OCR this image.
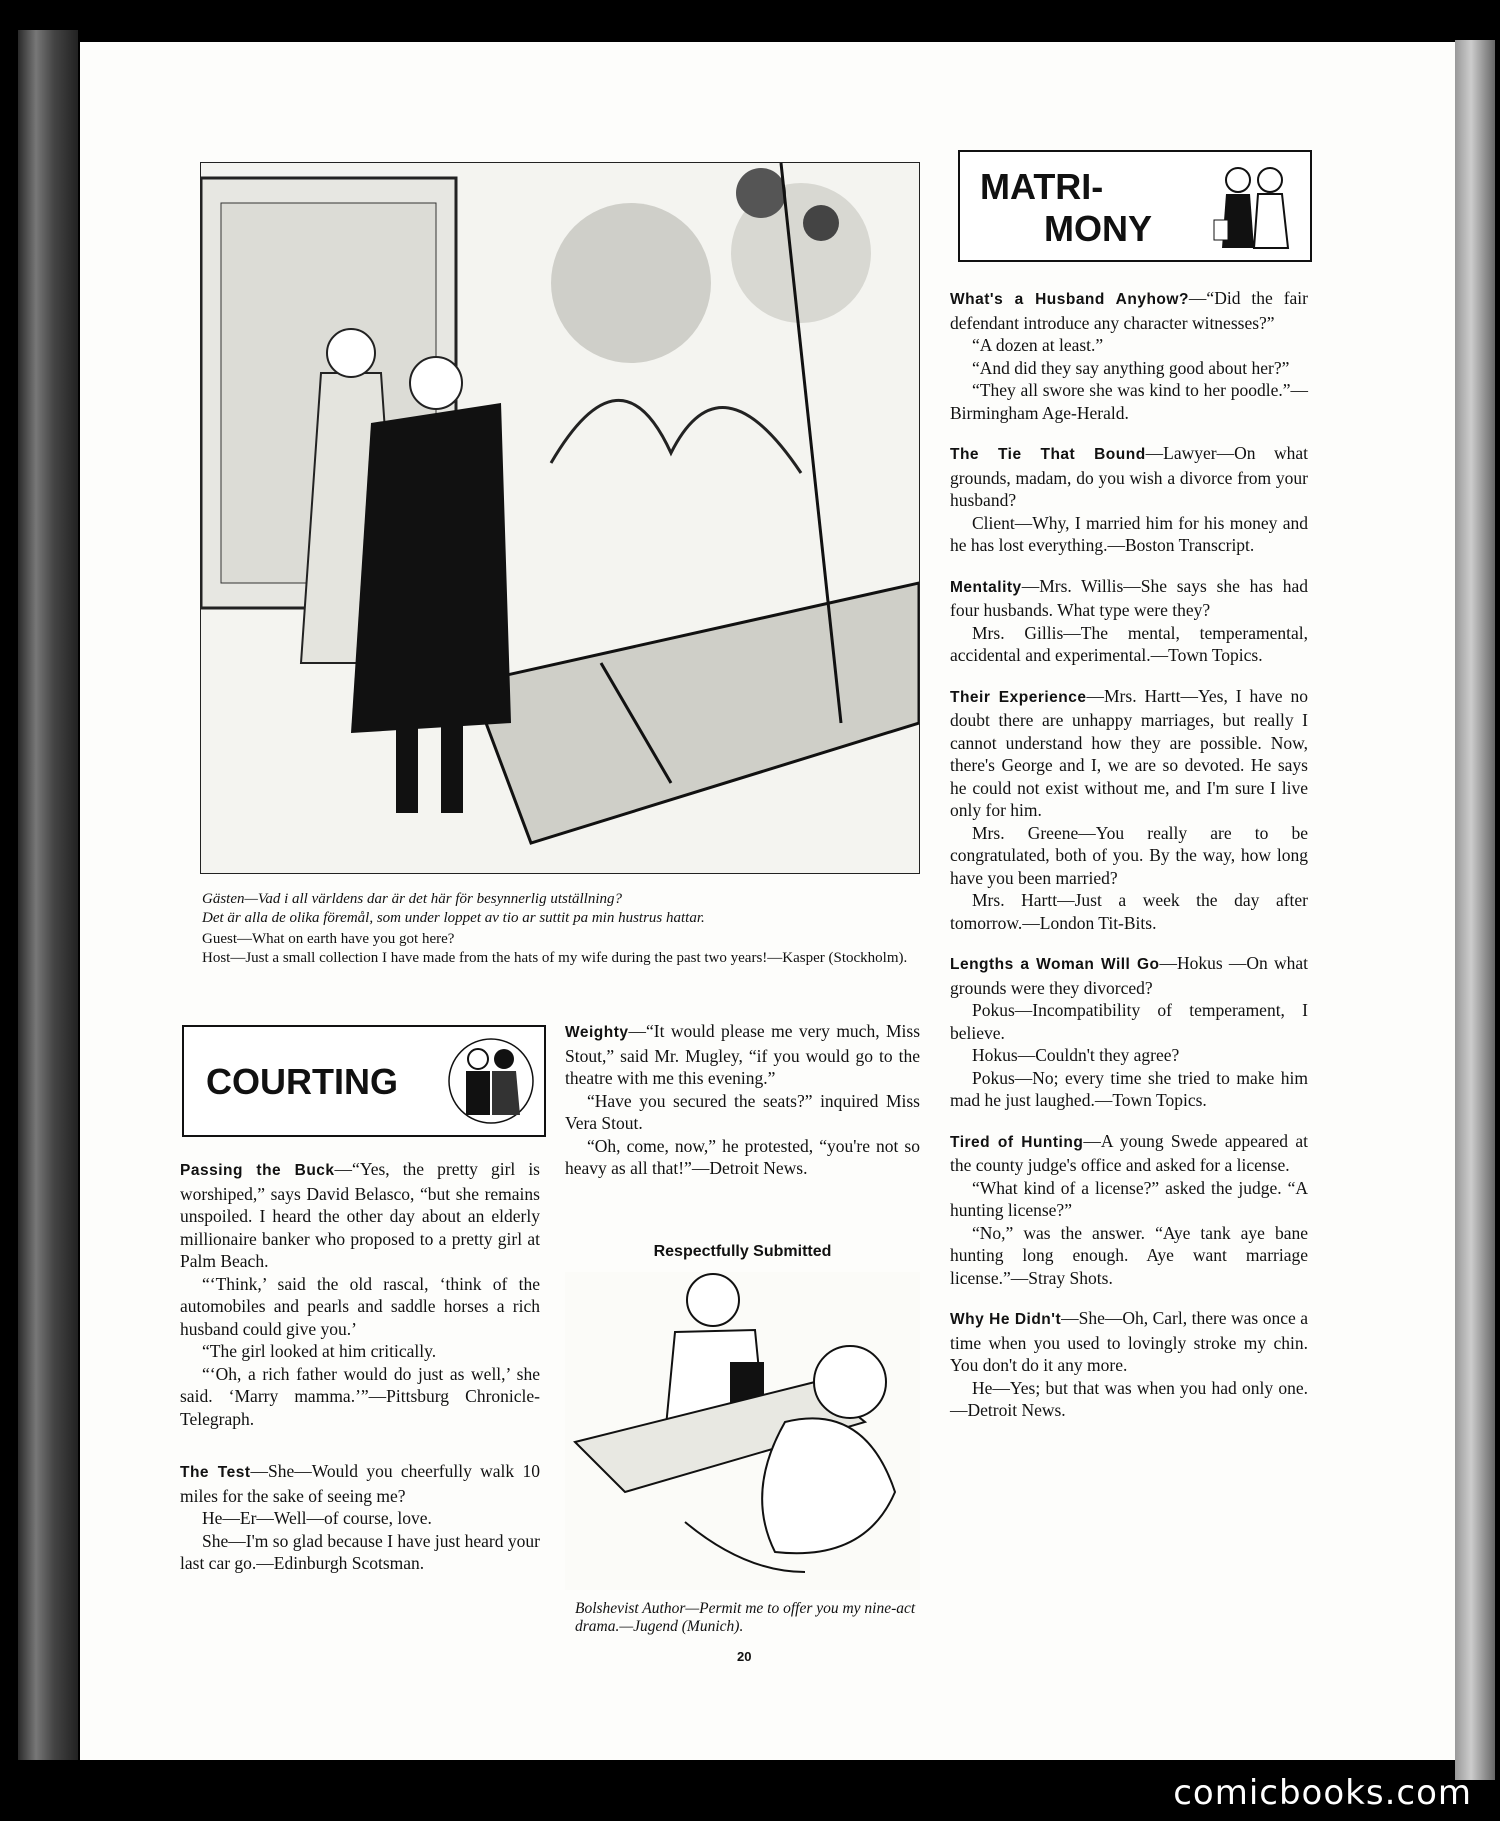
Gästen—Vad i all världens dar är det här för besynnerlig utställning?

Det är alla de olika föremål, som under loppet av tio ar suttit pa min hustrus hattar.

Guest—What on earth have you got here?

Host—Just a small collection I have made from the hats of my wife during the past two years!—Kasper (Stockholm).

MATRI-
MONY

What's a Husband Anyhow?—“Did the fair defendant introduce any character witnesses?”

“A dozen at least.”

“And did they say anything good about her?”

“They all swore she was kind to her poodle.”—Birmingham Age-Herald.

The Tie That Bound—Lawyer—On what grounds, madam, do you wish a divorce from your husband?

Client—Why, I married him for his money and he has lost everything.—Boston Transcript.

Mentality—Mrs. Willis—She says she has had four husbands. What type were they?

Mrs. Gillis—The mental, temperamental, accidental and experimental.—Town Topics.

Their Experience—Mrs. Hartt—Yes, I have no doubt there are unhappy marriages, but really I cannot understand how they are possible. Now, there's George and I, we are so devoted. He says he could not exist without me, and I'm sure I live only for him.

Mrs. Greene—You really are to be congratulated, both of you. By the way, how long have you been married?

Mrs. Hartt—Just a week the day after tomorrow.—London Tit-Bits.

Lengths a Woman Will Go—Hokus —On what grounds were they divorced?

Pokus—Incompatibility of temperament, I believe.

Hokus—Couldn't they agree?

Pokus—No; every time she tried to make him mad he just laughed.—Town Topics.

Tired of Hunting—A young Swede appeared at the county judge's office and asked for a license.

“What kind of a license?” asked the judge. “A hunting license?”

“No,” was the answer. “Aye tank aye bane hunting long enough. Aye want marriage license.”—Stray Shots.

Why He Didn't—She—Oh, Carl, there was once a time when you used to lovingly stroke my chin. You don't do it any more.

He—Yes; but that was when you had only one.—Detroit News.

COURTING

Passing the Buck—“Yes, the pretty girl is worshiped,” says David Belasco, “but she remains unspoiled. I heard the other day about an elderly millionaire banker who proposed to a pretty girl at Palm Beach.

“‘Think,’ said the old rascal, ‘think of the automobiles and pearls and saddle horses a rich husband could give you.’

“The girl looked at him critically.

“‘Oh, a rich father would do just as well,’ she said. ‘Marry mamma.’”—Pittsburg Chronicle-Telegraph.

The Test—She—Would you cheerfully walk 10 miles for the sake of seeing me?

He—Er—Well—of course, love.

She—I'm so glad because I have just heard your last car go.—Edinburgh Scotsman.

Weighty—“It would please me very much, Miss Stout,” said Mr. Mugley, “if you would go to the theatre with me this evening.”

“Have you secured the seats?” inquired Miss Vera Stout.

“Oh, come, now,” he protested, “you're not so heavy as all that!”—Detroit News.

Respectfully Submitted
Bolshevist Author—Permit me to offer you my nine-act drama.—Jugend (Munich).
20
comicbooks.com
